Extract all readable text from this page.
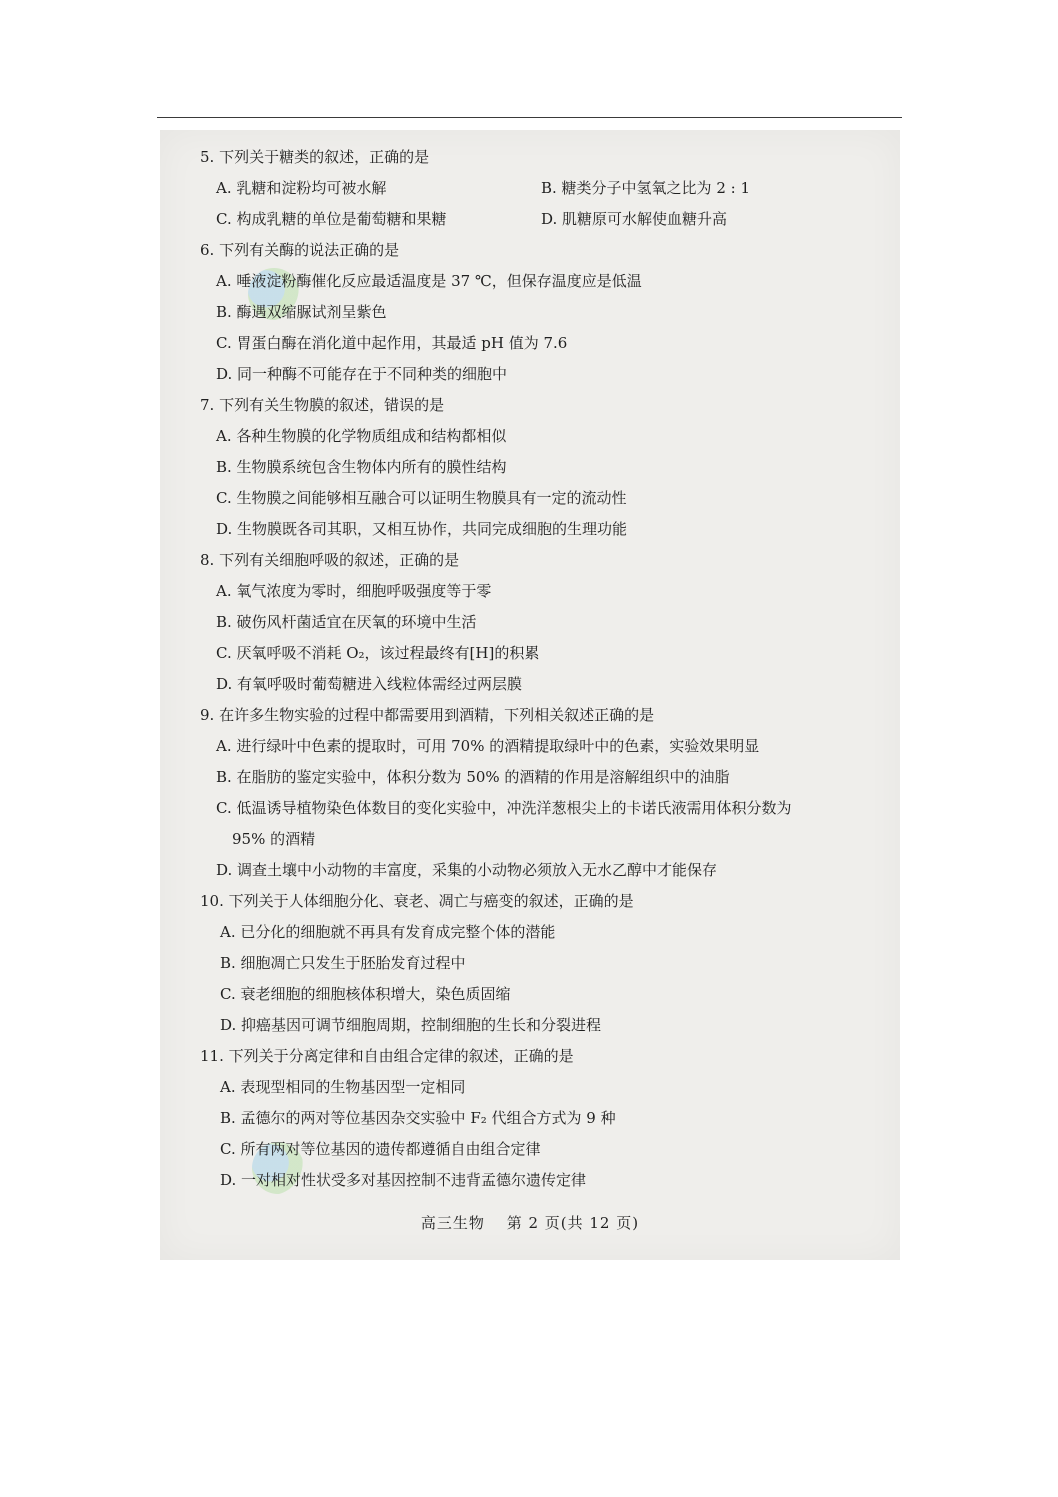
5. 下列关于糖类的叙述，正确的是
A. 乳糖和淀粉均可被水解	B. 糖类分子中氢氧之比为 2 : 1
C. 构成乳糖的单位是葡萄糖和果糖	D. 肌糖原可水解使血糖升高
6. 下列有关酶的说法正确的是
A. 唾液淀粉酶催化反应最适温度是 37 ℃，但保存温度应是低温
B. 酶遇双缩脲试剂呈紫色
C. 胃蛋白酶在消化道中起作用，其最适 pH 值为 7.6
D. 同一种酶不可能存在于不同种类的细胞中
7. 下列有关生物膜的叙述，错误的是
A. 各种生物膜的化学物质组成和结构都相似
B. 生物膜系统包含生物体内所有的膜性结构
C. 生物膜之间能够相互融合可以证明生物膜具有一定的流动性
D. 生物膜既各司其职，又相互协作，共同完成细胞的生理功能
8. 下列有关细胞呼吸的叙述，正确的是
A. 氧气浓度为零时，细胞呼吸强度等于零
B. 破伤风杆菌适宜在厌氧的环境中生活
C. 厌氧呼吸不消耗 O₂，该过程最终有[H]的积累
D. 有氧呼吸时葡萄糖进入线粒体需经过两层膜
9. 在许多生物实验的过程中都需要用到酒精，下列相关叙述正确的是
A. 进行绿叶中色素的提取时，可用 70% 的酒精提取绿叶中的色素，实验效果明显
B. 在脂肪的鉴定实验中，体积分数为 50% 的酒精的作用是溶解组织中的油脂
C. 低温诱导植物染色体数目的变化实验中，冲洗洋葱根尖上的卡诺氏液需用体积分数为
95% 的酒精
D. 调查土壤中小动物的丰富度，采集的小动物必须放入无水乙醇中才能保存
10. 下列关于人体细胞分化、衰老、凋亡与癌变的叙述，正确的是
A. 已分化的细胞就不再具有发育成完整个体的潜能
B. 细胞凋亡只发生于胚胎发育过程中
C. 衰老细胞的细胞核体积增大，染色质固缩
D. 抑癌基因可调节细胞周期，控制细胞的生长和分裂进程
11. 下列关于分离定律和自由组合定律的叙述，正确的是
A. 表现型相同的生物基因型一定相同
B. 孟德尔的两对等位基因杂交实验中 F₂ 代组合方式为 9 种
C. 所有两对等位基因的遗传都遵循自由组合定律
D. 一对相对性状受多对基因控制不违背孟德尔遗传定律
高三生物 第 2 页(共 12 页)
